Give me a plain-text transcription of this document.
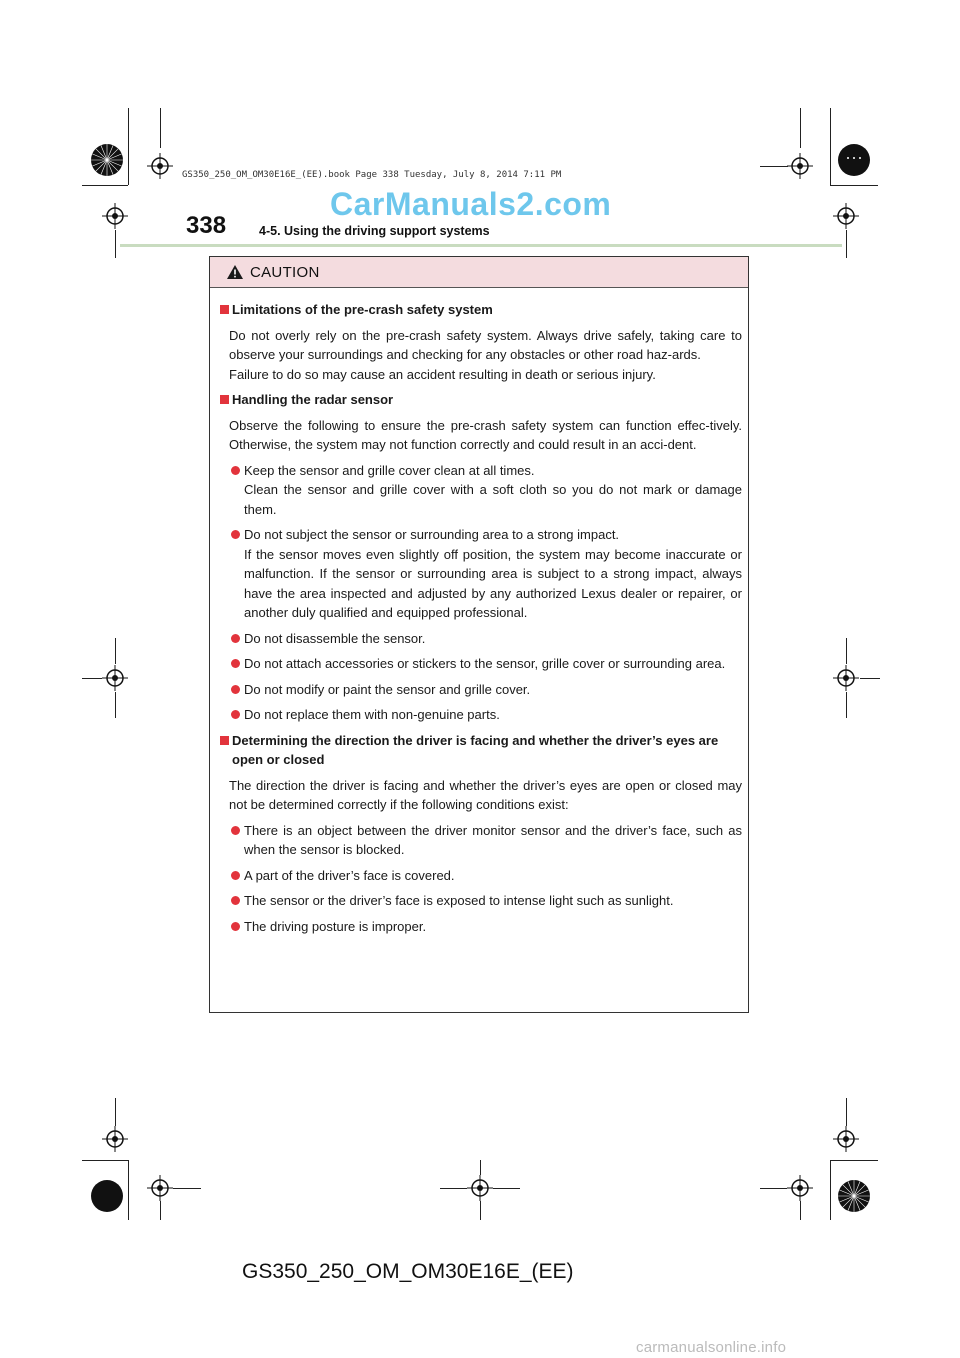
GS350_250_OM_OM30E16E_(EE).book Page 338 Tuesday, July 8, 2014 7:11 PM
CarManuals2.com
338	4-5. Using the driving support systems
CAUTION
Limitations of the pre-crash safety system
Do not overly rely on the pre-crash safety system. Always drive safely, taking care to observe your surroundings and checking for any obstacles or other road haz-ards.
Failure to do so may cause an accident resulting in death or serious injury.
Handling the radar sensor
Observe the following to ensure the pre-crash safety system can function effec-tively. Otherwise, the system may not function correctly and could result in an acci-dent.
Keep the sensor and grille cover clean at all times.
Clean the sensor and grille cover with a soft cloth so you do not mark or damage them.
Do not subject the sensor or surrounding area to a strong impact.
If the sensor moves even slightly off position, the system may become inaccurate or malfunction. If the sensor or surrounding area is subject to a strong impact, always have the area inspected and adjusted by any authorized Lexus dealer or repairer, or another duly qualified and equipped professional.
Do not disassemble the sensor.
Do not attach accessories or stickers to the sensor, grille cover or surrounding area.
Do not modify or paint the sensor and grille cover.
Do not replace them with non-genuine parts.
Determining the direction the driver is facing and whether the driver’s eyes are open or closed
The direction the driver is facing and whether the driver’s eyes are open or closed may not be determined correctly if the following conditions exist:
There is an object between the driver monitor sensor and the driver’s face, such as when the sensor is blocked.
A part of the driver’s face is covered.
The sensor or the driver’s face is exposed to intense light such as sunlight.
The driving posture is improper.
GS350_250_OM_OM30E16E_(EE)
carmanualsonline.info
